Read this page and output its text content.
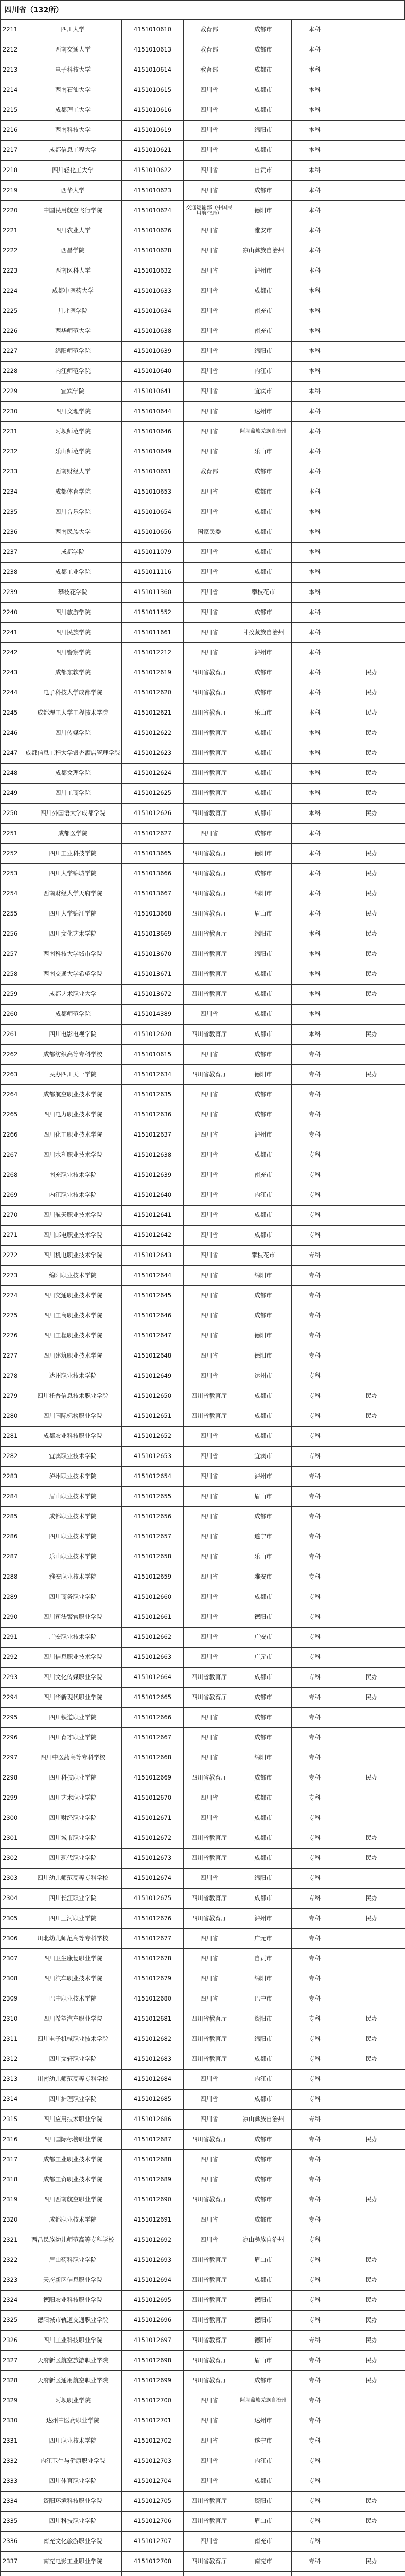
四川省（132所）
2211	四川大学	4151010610	教育部	成都市	本科	
2212	西南交通大学	4151010613	教育部	成都市	本科	
2213	电子科技大学	4151010614	教育部	成都市	本科	
2214	西南石油大学	4151010615	四川省	成都市	本科	
2215	成都理工大学	4151010616	四川省	成都市	本科	
2216	西南科技大学	4151010619	四川省	绵阳市	本科	
2217	成都信息工程大学	4151010621	四川省	成都市	本科	
2218	四川轻化工大学	4151010622	四川省	自贡市	本科	
2219	西华大学	4151010623	四川省	成都市	本科	
2220	中国民用航空飞行学院	4151010624	交通运输部（中国民用航空局）	德阳市	本科	
2221	四川农业大学	4151010626	四川省	雅安市	本科	
2222	西昌学院	4151010628	四川省	凉山彝族自治州	本科	
2223	西南医科大学	4151010632	四川省	泸州市	本科	
2224	成都中医药大学	4151010633	四川省	成都市	本科	
2225	川北医学院	4151010634	四川省	南充市	本科	
2226	西华师范大学	4151010638	四川省	南充市	本科	
2227	绵阳师范学院	4151010639	四川省	绵阳市	本科	
2228	内江师范学院	4151010640	四川省	内江市	本科	
2229	宜宾学院	4151010641	四川省	宜宾市	本科	
2230	四川文理学院	4151010644	四川省	达州市	本科	
2231	阿坝师范学院	4151010646	四川省	阿坝藏族羌族自治州	本科	
2232	乐山师范学院	4151010649	四川省	乐山市	本科	
2233	西南财经大学	4151010651	教育部	成都市	本科	
2234	成都体育学院	4151010653	四川省	成都市	本科	
2235	四川音乐学院	4151010654	四川省	成都市	本科	
2236	西南民族大学	4151010656	国家民委	成都市	本科	
2237	成都学院	4151011079	四川省	成都市	本科	
2238	成都工业学院	4151011116	四川省	成都市	本科	
2239	攀枝花学院	4151011360	四川省	攀枝花市	本科	
2240	四川旅游学院	4151011552	四川省	成都市	本科	
2241	四川民族学院	4151011661	四川省	甘孜藏族自治州	本科	
2242	四川警察学院	4151012212	四川省	泸州市	本科	
2243	成都东软学院	4151012619	四川省教育厅	成都市	本科	民办
2244	电子科技大学成都学院	4151012620	四川省教育厅	成都市	本科	民办
2245	成都理工大学工程技术学院	4151012621	四川省教育厅	乐山市	本科	民办
2246	四川传媒学院	4151012622	四川省教育厅	成都市	本科	民办
2247	成都信息工程大学银杏酒店管理学院	4151012623	四川省教育厅	成都市	本科	民办
2248	成都文理学院	4151012624	四川省教育厅	成都市	本科	民办
2249	四川工商学院	4151012625	四川省教育厅	成都市	本科	民办
2250	四川外国语大学成都学院	4151012626	四川省教育厅	成都市	本科	民办
2251	成都医学院	4151012627	四川省	成都市	本科	
2252	四川工业科技学院	4151013665	四川省教育厅	德阳市	本科	民办
2253	四川大学锦城学院	4151013666	四川省教育厅	成都市	本科	民办
2254	西南财经大学天府学院	4151013667	四川省教育厅	绵阳市	本科	民办
2255	四川大学锦江学院	4151013668	四川省教育厅	眉山市	本科	民办
2256	四川文化艺术学院	4151013669	四川省教育厅	绵阳市	本科	民办
2257	西南科技大学城市学院	4151013670	四川省教育厅	绵阳市	本科	民办
2258	西南交通大学希望学院	4151013671	四川省教育厅	成都市	本科	民办
2259	成都艺术职业大学	4151013672	四川省教育厅	成都市	本科	民办
2260	成都师范学院	4151014389	四川省	成都市	本科	
2261	四川电影电视学院	4151012620	四川省教育厅	成都市	本科	民办
2262	成都纺织高等专科学校	4151010615	四川省	成都市	专科	
2263	民办四川天一学院	4151012634	四川省教育厅	德阳市	专科	民办
2264	成都航空职业技术学院	4151012635	四川省	成都市	专科	
2265	四川电力职业技术学院	4151012636	四川省	成都市	专科	
2266	四川化工职业技术学院	4151012637	四川省	泸州市	专科	
2267	四川水利职业技术学院	4151012638	四川省	成都市	专科	
2268	南充职业技术学院	4151012639	四川省	南充市	专科	
2269	内江职业技术学院	4151012640	四川省	内江市	专科	
2270	四川航天职业技术学院	4151012641	四川省	成都市	专科	
2271	四川邮电职业技术学院	4151012642	四川省	成都市	专科	
2272	四川机电职业技术学院	4151012643	四川省	攀枝花市	专科	
2273	绵阳职业技术学院	4151012644	四川省	绵阳市	专科	
2274	四川交通职业技术学院	4151012645	四川省	成都市	专科	
2275	四川工商职业技术学院	4151012646	四川省	成都市	专科	
2276	四川工程职业技术学院	4151012647	四川省	德阳市	专科	
2277	四川建筑职业技术学院	4151012648	四川省	德阳市	专科	
2278	达州职业技术学院	4151012649	四川省	达州市	专科	
2279	四川托普信息技术职业学院	4151012650	四川省教育厅	成都市	专科	民办
2280	四川国际标榜职业学院	4151012651	四川省教育厅	成都市	专科	民办
2281	成都农业科技职业学院	4151012652	四川省	成都市	专科	
2282	宜宾职业技术学院	4151012653	四川省	宜宾市	专科	
2283	泸州职业技术学院	4151012654	四川省	泸州市	专科	
2284	眉山职业技术学院	4151012655	四川省	眉山市	专科	
2285	成都职业技术学院	4151012656	四川省	成都市	专科	
2286	四川职业技术学院	4151012657	四川省	遂宁市	专科	
2287	乐山职业技术学院	4151012658	四川省	乐山市	专科	
2288	雅安职业技术学院	4151012659	四川省	雅安市	专科	
2289	四川商务职业学院	4151012660	四川省	成都市	专科	
2290	四川司法警官职业学院	4151012661	四川省	德阳市	专科	
2291	广安职业技术学院	4151012662	四川省	广安市	专科	
2292	四川信息职业技术学院	4151012663	四川省	广元市	专科	
2293	四川文化传媒职业学院	4151012664	四川省教育厅	成都市	专科	民办
2294	四川华新现代职业学院	4151012665	四川省教育厅	成都市	专科	民办
2295	四川铁道职业学院	4151012666	四川省	成都市	专科	
2296	四川育才职业学院	4151012667	四川省	成都市	专科	
2297	四川中医药高等专科学校	4151012668	四川省	绵阳市	专科	
2298	四川科技职业学院	4151012669	四川省教育厅	成都市	专科	民办
2299	四川艺术职业学院	4151012670	四川省	成都市	专科	
2300	四川财经职业学院	4151012671	四川省	成都市	专科	
2301	四川城市职业学院	4151012672	四川省教育厅	成都市	专科	民办
2302	四川现代职业学院	4151012673	四川省教育厅	成都市	专科	民办
2303	四川幼儿师范高等专科学校	4151012674	四川省	绵阳市	专科	
2304	四川长江职业学院	4151012675	四川省教育厅	成都市	专科	民办
2305	四川三河职业学院	4151012676	四川省教育厅	泸州市	专科	民办
2306	川北幼儿师范高等专科学校	4151012677	四川省	广元市	专科	
2307	四川卫生康复职业学院	4151012678	四川省	自贡市	专科	
2308	四川汽车职业技术学院	4151012679	四川省	绵阳市	专科	
2309	巴中职业技术学院	4151012680	四川省	巴中市	专科	
2310	四川希望汽车职业学院	4151012681	四川省教育厅	资阳市	专科	民办
2311	四川电子机械职业技术学院	4151012682	四川省教育厅	绵阳市	专科	民办
2312	四川文轩职业学院	4151012683	四川省教育厅	成都市	专科	民办
2313	川南幼儿师范高等专科学校	4151012684	四川省	内江市	专科	
2314	四川护理职业学院	4151012685	四川省	成都市	专科	
2315	四川应用技术职业学院	4151012686	四川省	凉山彝族自治州	专科	
2316	四川国际标榜职业学院	4151012687	四川省教育厅	成都市	专科	民办
2317	成都工业职业技术学院	4151012688	四川省	成都市	专科	
2318	成都工贸职业技术学院	4151012689	四川省	成都市	专科	
2319	四川西南航空职业学院	4151012690	四川省教育厅	成都市	专科	民办
2320	成都职业技术学院	4151012691	四川省	成都市	专科	
2321	西昌民族幼儿师范高等专科学校	4151012692	四川省	凉山彝族自治州	专科	
2322	眉山药科职业学院	4151012693	四川省教育厅	眉山市	专科	民办
2323	天府新区信息职业学院	4151012694	四川省教育厅	成都市	专科	民办
2324	德阳农业科技职业学院	4151012695	四川省教育厅	德阳市	专科	民办
2325	德阳城市轨道交通职业学院	4151012696	四川省教育厅	德阳市	专科	民办
2326	四川工业科技职业学院	4151012697	四川省教育厅	德阳市	专科	民办
2327	天府新区航空旅游职业学院	4151012698	四川省教育厅	眉山市	专科	民办
2328	天府新区通用航空职业学院	4151012699	四川省教育厅	成都市	专科	民办
2329	阿坝职业学院	4151012700	四川省	阿坝藏族羌族自治州	专科	
2330	达州中医药职业学院	4151012701	四川省	达州市	专科	
2331	四川职业技术学院	4151012702	四川省	遂宁市	专科	
2332	内江卫生与健康职业学院	4151012703	四川省	内江市	专科	
2333	四川体育职业学院	4151012704	四川省	成都市	专科	
2334	资阳环境科技职业学院	4151012705	四川省教育厅	资阳市	专科	民办
2335	四川科技职业学院	4151012706	四川省教育厅	眉山市	专科	民办
2336	南充文化旅游职业学院	4151012707	四川省	南充市	专科	
2337	南充电影工业职业学院	4151012708	四川省教育厅	南充市	专科	民办
